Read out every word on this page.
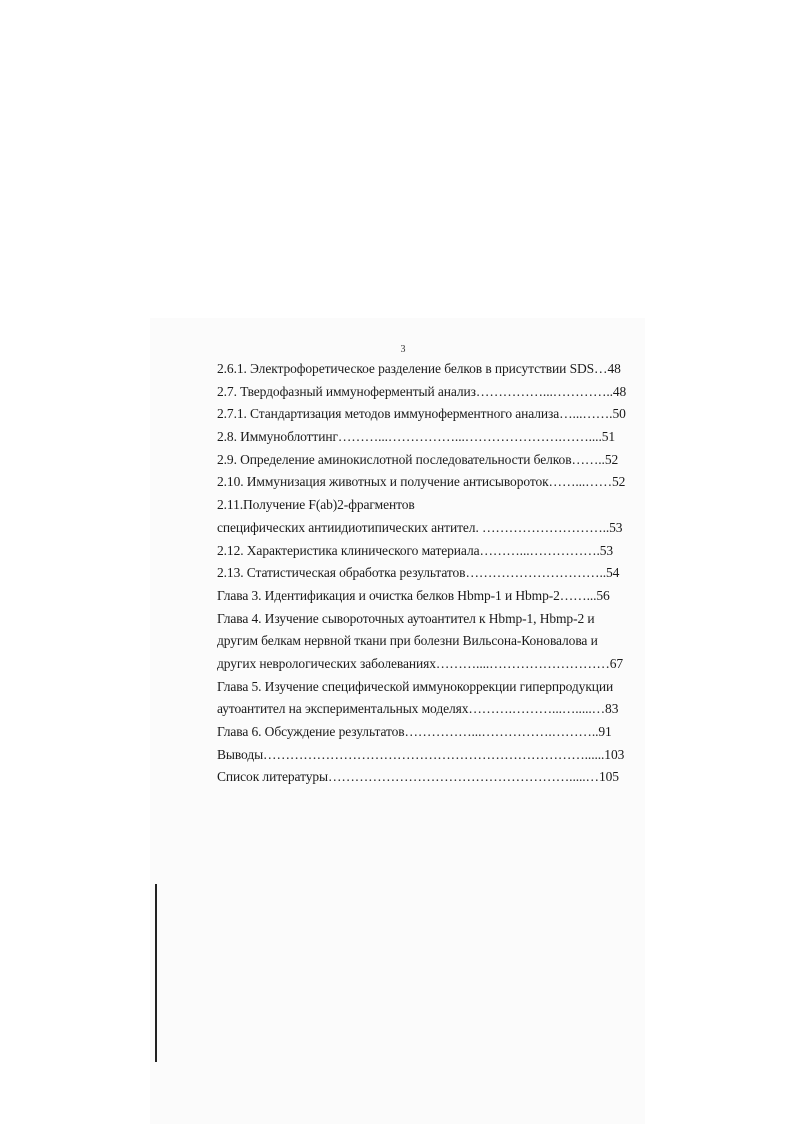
3
2.6.1. Электрофоретическое разделение белков в присутствии SDS…48
2.7. Твердофазный иммуноферментый анализ……………...…………..48
2.7.1. Стандартизация методов иммуноферментного анализа…...…….50
2.8. Иммуноблоттинг………...……………...………………….……....51
2.9. Определение аминокислотной последовательности белков……..52
2.10. Иммунизация животных и получение антисывороток……...……52
2.11.Получение F(ab)2-фрагментов
специфических антиидиотипических антител. ………………………..53
2.12. Характеристика клинического материала………...…………….53
2.13. Статистическая обработка результатов…………………………..54
Глава 3. Идентификация и очистка белков Hbmp-1 и Hbmp-2……...56
Глава 4. Изучение сывороточных аутоантител к Hbmp-1, Hbmp-2 и
другим белкам нервной ткани при болезни Вильсона-Коновалова и
других неврологических заболеваниях………....………………………67
Глава 5. Изучение специфической иммунокоррекции гиперпродукции
аутоантител на экспериментальных моделях……….………...….....…83
Глава 6. Обсуждение результатов……………...…………….………..91
Выводы………………………………………………………………......103
Список литературы……………………………………………….....…105
